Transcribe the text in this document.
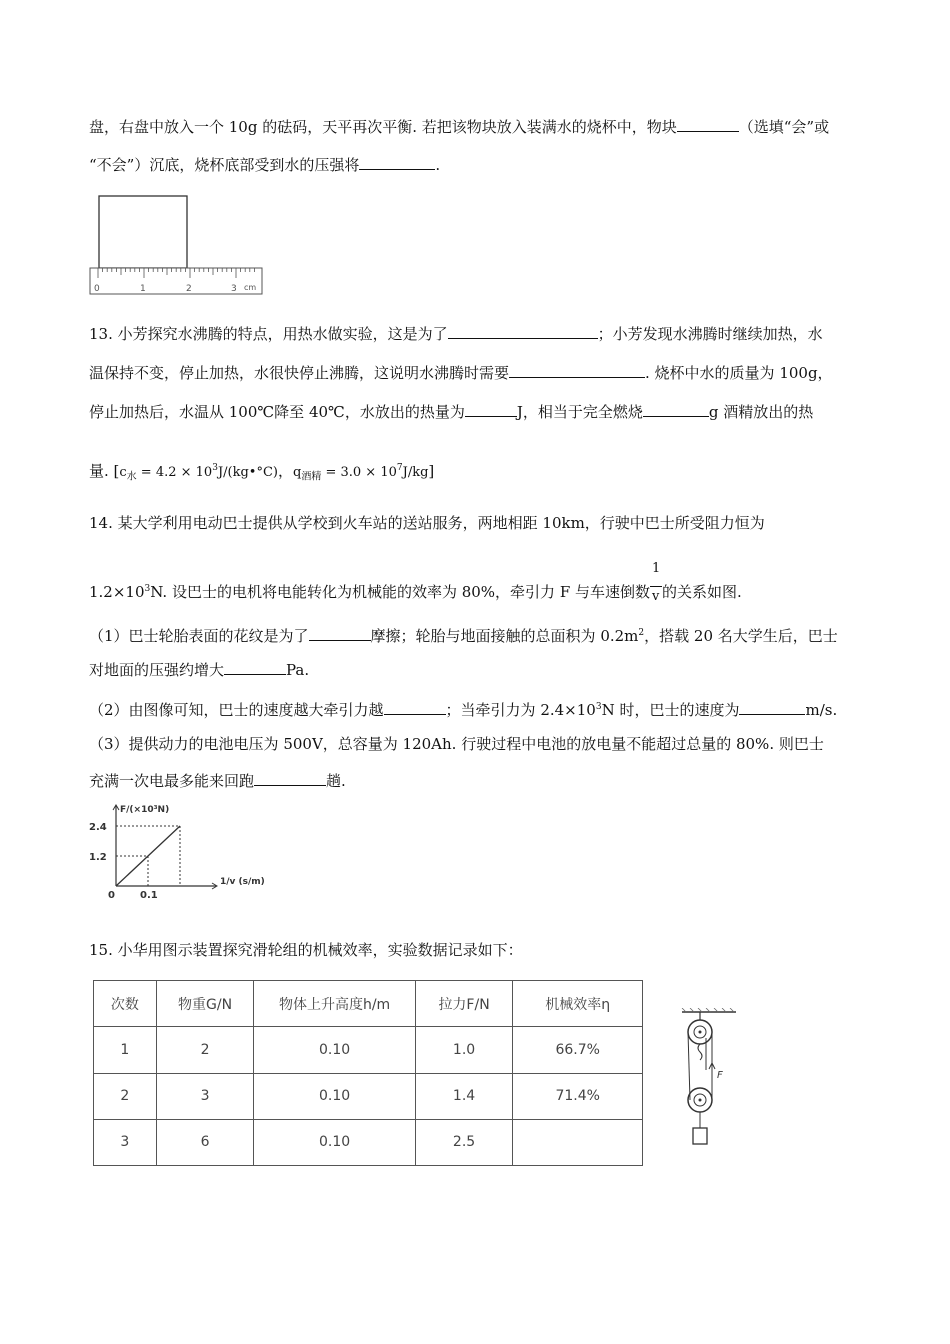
盘，右盘中放入一个 10g 的砝码，天平再次平衡. 若把该物块放入装满水的烧杯中，物块	（选填“会”或
“不会”）沉底，烧杯底部受到水的压强将	.
0	1	2	3 cm
13. 小芳探究水沸腾的特点，用热水做实验，这是为了	；小芳发现水沸腾时继续加热，水
温保持不变，停止加热，水很快停止沸腾，这说明水沸腾时需要	. 烧杯中水的质量为 100g，
停止加热后，水温从 100℃降至 40℃，水放出的热量为	J，相当于完全燃烧	g 酒精放出的热
量. [$c_水 = 4.2$ × $10^3J/(kg•^\circ C)$，$q_{酒精} = 3.0 \times 10^7J/kg$]
14. 某大学利用电动巴士提供从学校到火车站的送站服务，两地相距 10km，行驶中巴士所受阻力恒为
$1.2\times 10^3N$. 设巴士的电机将电能转化为机械能的效率为 80%，牵引力 F 与车速倒数 $\frac{1}{v}$ 的关系如图.
（1）巴士轮胎表面的花纹是为了	摩擦；轮胎与地面接触的总面积为 $0.2m^2$，搭载 20 名大学生后，巴士
对地面的压强约增大	Pa.
（2）由图像可知，巴士的速度越大牵引力越	；当牵引力为 $2.4\times 10^3N$ 时，巴士的速度为	m/s.
（3）提供动力的电池电压为 500V，总容量为 120Ah. 行驶过程中电池的放电量不能超过总量的 80%. 则巴士
充满一次电最多能来回跑	趟.
2.4
1.2
0	0.1
F/(×10³N)
1/v (s/m)
15. 小华用图示装置探究滑轮组的机械效率，实验数据记录如下：
次数	物重G/N	物体上升高度h/m	拉力F/N	机械效率η
1	2	0.10	1.0	66.7%
2	3	0.10	1.4	71.4%
3	6	0.10	2.5	
F
